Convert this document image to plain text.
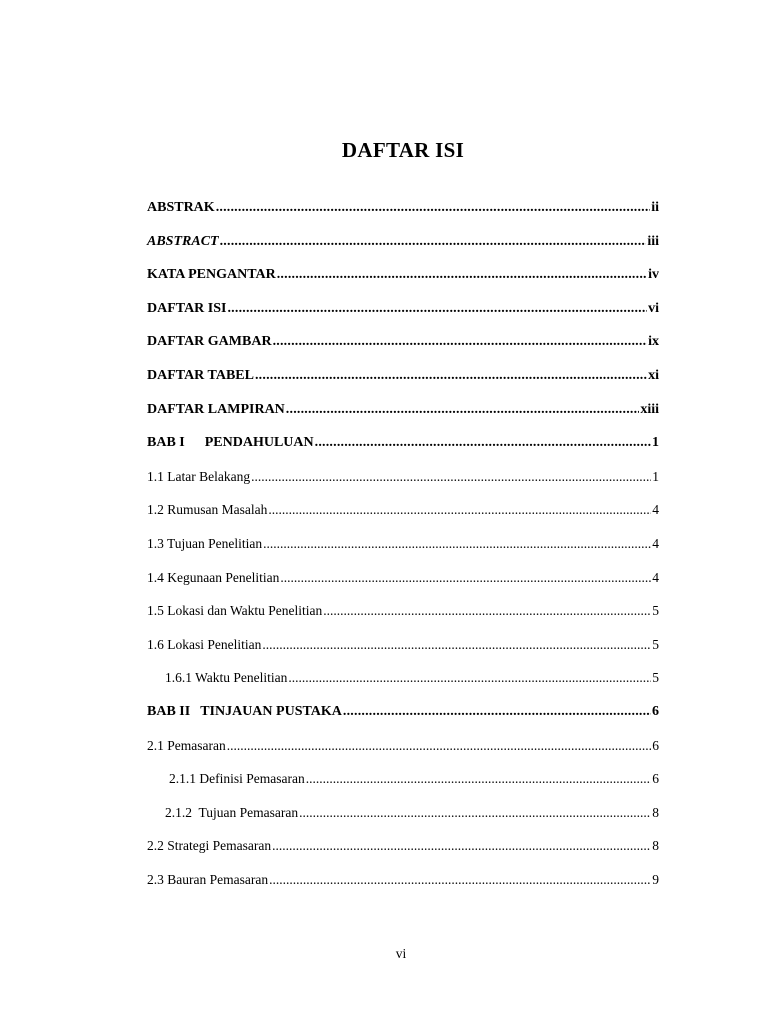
DAFTAR ISI
ABSTRAK .....	ii
ABSTRACT .....	iii
KATA PENGANTAR .....	iv
DAFTAR ISI .....	vi
DAFTAR GAMBAR .....	ix
DAFTAR TABEL .....	xi
DAFTAR LAMPIRAN .....	xiii
BAB I PENDAHULUAN .....	1
1.1 Latar Belakang .....	1
1.2 Rumusan Masalah .....	4
1.3 Tujuan Penelitian .....	4
1.4 Kegunaan Penelitian .....	4
1.5 Lokasi dan Waktu Penelitian .....	5
1.6 Lokasi Penelitian .....	5
1.6.1 Waktu Penelitian .....	5
BAB II TINJAUAN PUSTAKA .....	6
2.1 Pemasaran .....	6
2.1.1 Definisi Pemasaran .....	6
2.1.2  Tujuan Pemasaran .....	8
2.2 Strategi Pemasaran .....	8
2.3 Bauran Pemasaran .....	9
vi
